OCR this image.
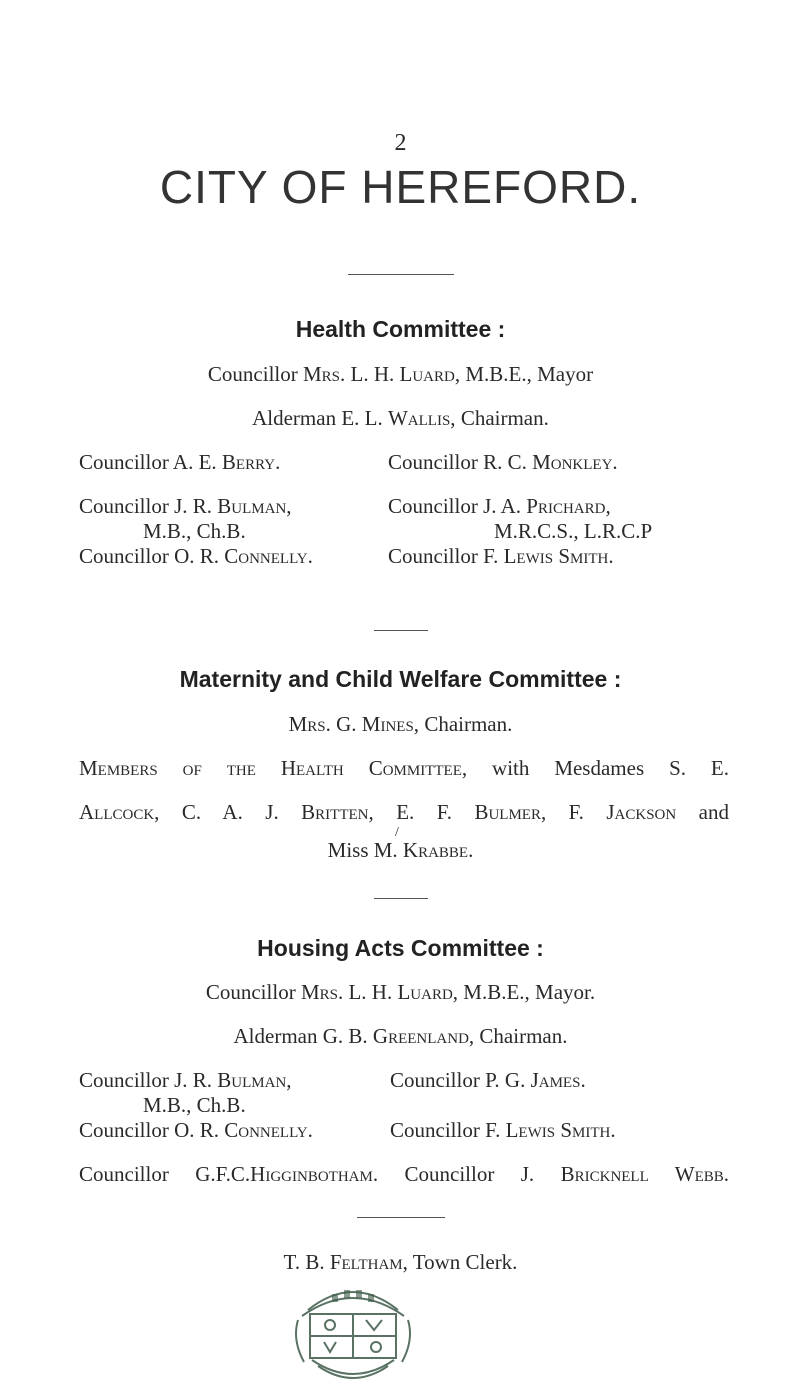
2
CITY OF HEREFORD.
Health Committee :
Councillor Mrs. L. H. Luard, M.B.E., Mayor
Alderman E. L. Wallis, Chairman.
Councillor A. E. Berry.	Councillor R. C. Monkley.
Councillor J. R. Bulman,	Councillor J. A. Prichard,
M.B., Ch.B.	M.R.C.S., L.R.C.P
Councillor O. R. Connelly.	Councillor F. Lewis Smith.
Maternity and Child Welfare Committee :
Mrs. G. Mines, Chairman.
Members of the Health Committee, with Mesdames S. E.
Allcock, C. A. J. Britten, E. F. Bulmer, F. Jackson and
Miss M. Krabbe.
/
Housing Acts Committee :
Councillor Mrs. L. H. Luard, M.B.E., Mayor.
Alderman G. B. Greenland, Chairman.
Councillor J. R. Bulman,	Councillor P. G. James.
M.B., Ch.B.
Councillor O. R. Connelly.	Councillor F. Lewis Smith.
Councillor G.F.C.Higginbotham. Councillor J. Bricknell Webb.
T. B. Feltham, Town Clerk.
